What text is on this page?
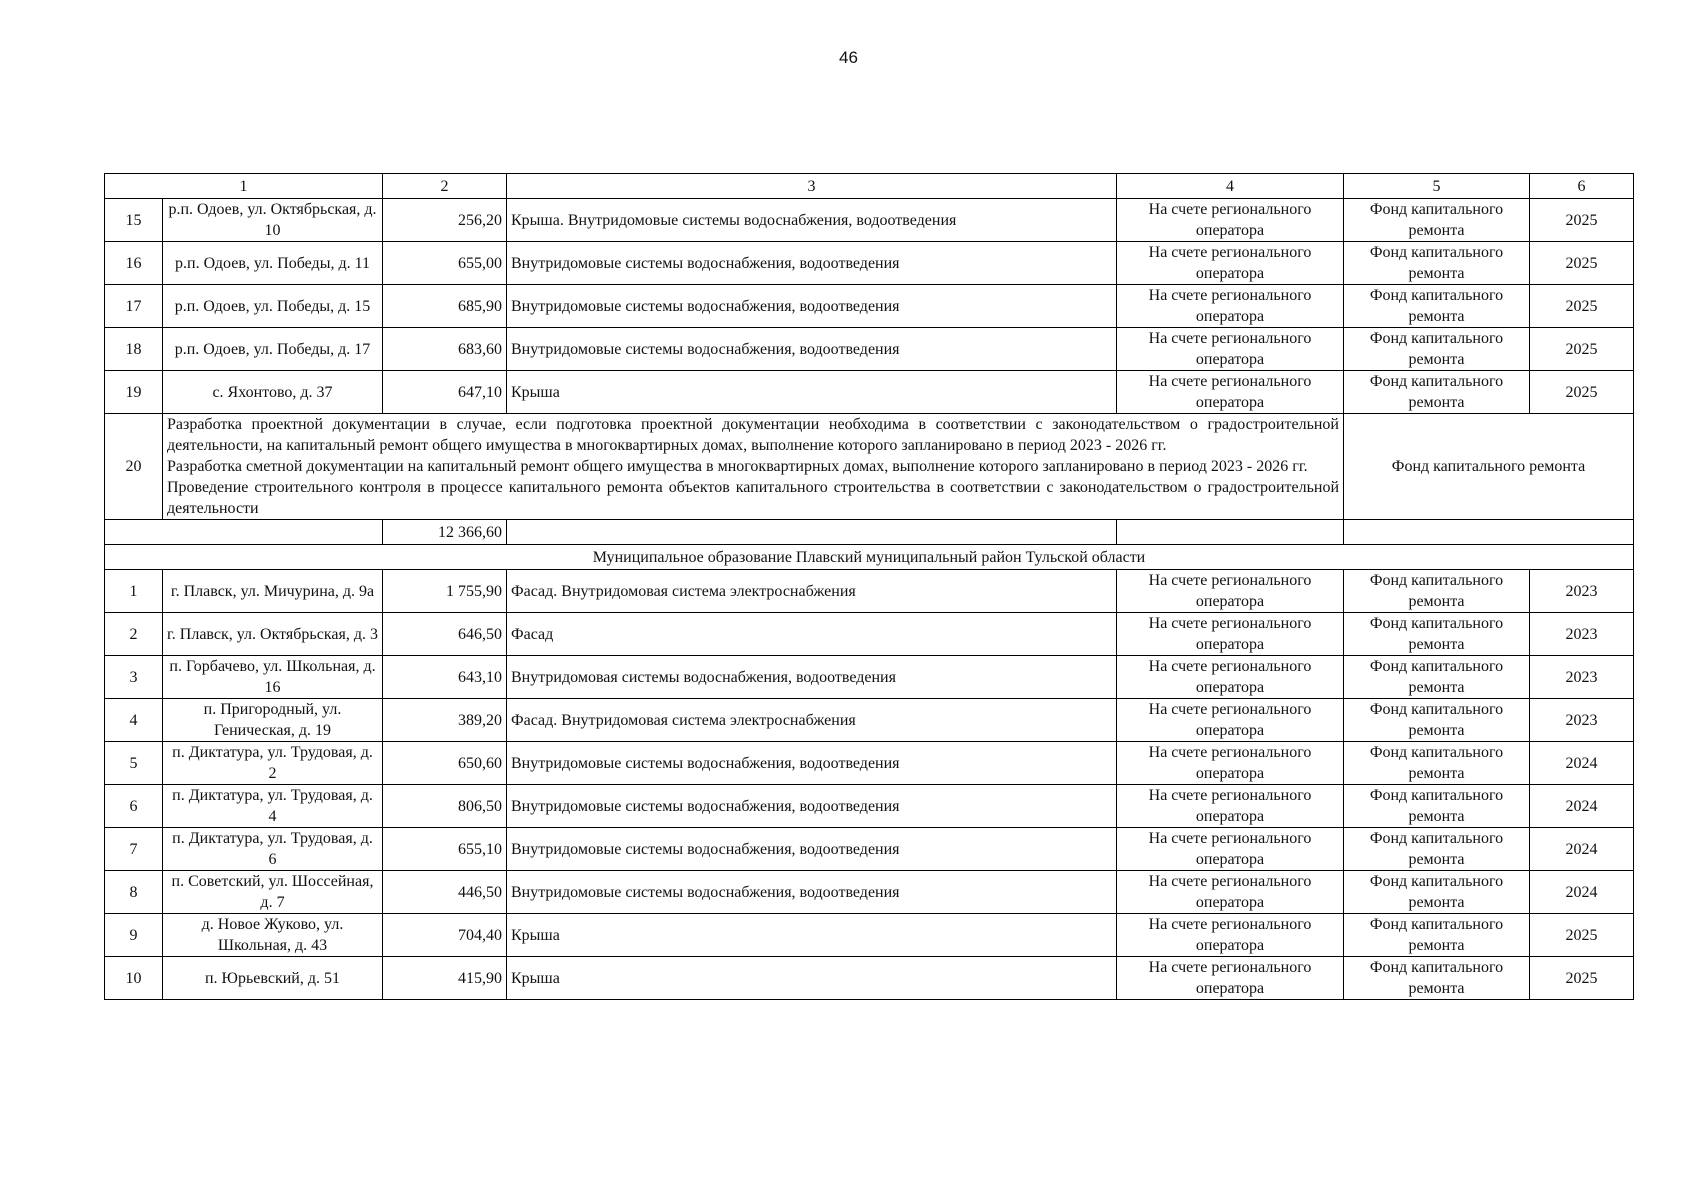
46
1		2	3	4	5	6
15	р.п. Одоев, ул. Октябрьская, д. 10	256,20	Крыша. Внутридомовые системы водоснабжения, водоотведения	На счете регионального оператора	Фонд капитального ремонта	2025
16	р.п. Одоев, ул. Победы, д. 11	655,00	Внутридомовые системы водоснабжения, водоотведения	На счете регионального оператора	Фонд капитального ремонта	2025
17	р.п. Одоев, ул. Победы, д. 15	685,90	Внутридомовые системы водоснабжения, водоотведения	На счете регионального оператора	Фонд капитального ремонта	2025
18	р.п. Одоев, ул. Победы, д. 17	683,60	Внутридомовые системы водоснабжения, водоотведения	На счете регионального оператора	Фонд капитального ремонта	2025
19	с. Яхонтово, д. 37	647,10	Крыша	На счете регионального оператора	Фонд капитального ремонта	2025
20	Разработка проектной документации в случае, если подготовка проектной документации необходима в соответствии с законодательством о градостроительной деятельности, на капитальный ремонт общего имущества в многоквартирных домах, выполнение которого запланировано в период 2023 - 2026 гг.
Разработка сметной документации на капитальный ремонт общего имущества в многоквартирных домах, выполнение которого запланировано в период 2023 - 2026 гг.
Проведение строительного контроля в процессе капитального ремонта объектов капитального строительства в соответствии с законодательством о градостроительной деятельности				Фонд капитального ремонта	
		12 366,60				
Муниципальное образование Плавский муниципальный район Тульской области						
1	г. Плавск, ул. Мичурина, д. 9а	1 755,90	Фасад. Внутридомовая система электроснабжения	На счете регионального оператора	Фонд капитального ремонта	2023
2	г. Плавск, ул. Октябрьская, д. 3	646,50	Фасад	На счете регионального оператора	Фонд капитального ремонта	2023
3	п. Горбачево, ул. Школьная, д. 16	643,10	Внутридомовая системы водоснабжения, водоотведения	На счете регионального оператора	Фонд капитального ремонта	2023
4	п. Пригородный, ул. Геническая, д. 19	389,20	Фасад. Внутридомовая система электроснабжения	На счете регионального оператора	Фонд капитального ремонта	2023
5	п. Диктатура, ул. Трудовая, д. 2	650,60	Внутридомовые системы водоснабжения, водоотведения	На счете регионального оператора	Фонд капитального ремонта	2024
6	п. Диктатура, ул. Трудовая, д. 4	806,50	Внутридомовые системы водоснабжения, водоотведения	На счете регионального оператора	Фонд капитального ремонта	2024
7	п. Диктатура, ул. Трудовая, д. 6	655,10	Внутридомовые системы водоснабжения, водоотведения	На счете регионального оператора	Фонд капитального ремонта	2024
8	п. Советский, ул. Шоссейная, д. 7	446,50	Внутридомовые системы водоснабжения, водоотведения	На счете регионального оператора	Фонд капитального ремонта	2024
9	д. Новое Жуково, ул. Школьная, д. 43	704,40	Крыша	На счете регионального оператора	Фонд капитального ремонта	2025
10	п. Юрьевский, д. 51	415,90	Крыша	На счете регионального оператора	Фонд капитального ремонта	2025
